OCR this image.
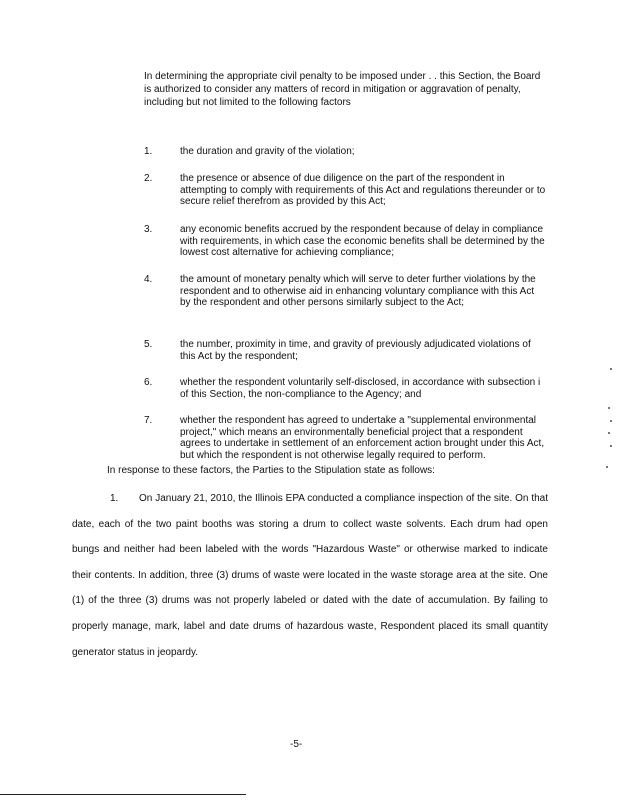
In determining the appropriate civil penalty to be imposed under . . this Section, the Board is authorized to consider any matters of record in mitigation or aggravation of penalty, including but not limited to the following factors
1.	the duration and gravity of the violation;
2.	the presence or absence of due diligence on the part of the respondent in attempting to comply with requirements of this Act and regulations thereunder or to secure relief therefrom as provided by this Act;
3.	any economic benefits accrued by the respondent because of delay in compliance with requirements, in which case the economic benefits shall be determined by the lowest cost alternative for achieving compliance;
4.	the amount of monetary penalty which will serve to deter further violations by the respondent and to otherwise aid in enhancing voluntary compliance with this Act by the respondent and other persons similarly subject to the Act;
5.	the number, proximity in time, and gravity of previously adjudicated violations of this Act by the respondent;
6.	whether the respondent voluntarily self-disclosed, in accordance with subsection i of this Section, the non-compliance to the Agency; and
7.	whether the respondent has agreed to undertake a "supplemental environmental project," which means an environmentally beneficial project that a respondent agrees to undertake in settlement of an enforcement action brought under this Act, but which the respondent is not otherwise legally required to perform.
In response to these factors, the Parties to the Stipulation state as follows:
1. On January 21, 2010, the Illinois EPA conducted a compliance inspection of the site. On that date, each of the two paint booths was storing a drum to collect waste solvents. Each drum had open bungs and neither had been labeled with the words "Hazardous Waste" or otherwise marked to indicate their contents. In addition, three (3) drums of waste were located in the waste storage area at the site. One (1) of the three (3) drums was not properly labeled or dated with the date of accumulation. By failing to properly manage, mark, label and date drums of hazardous waste, Respondent placed its small quantity generator status in jeopardy.
-5-
